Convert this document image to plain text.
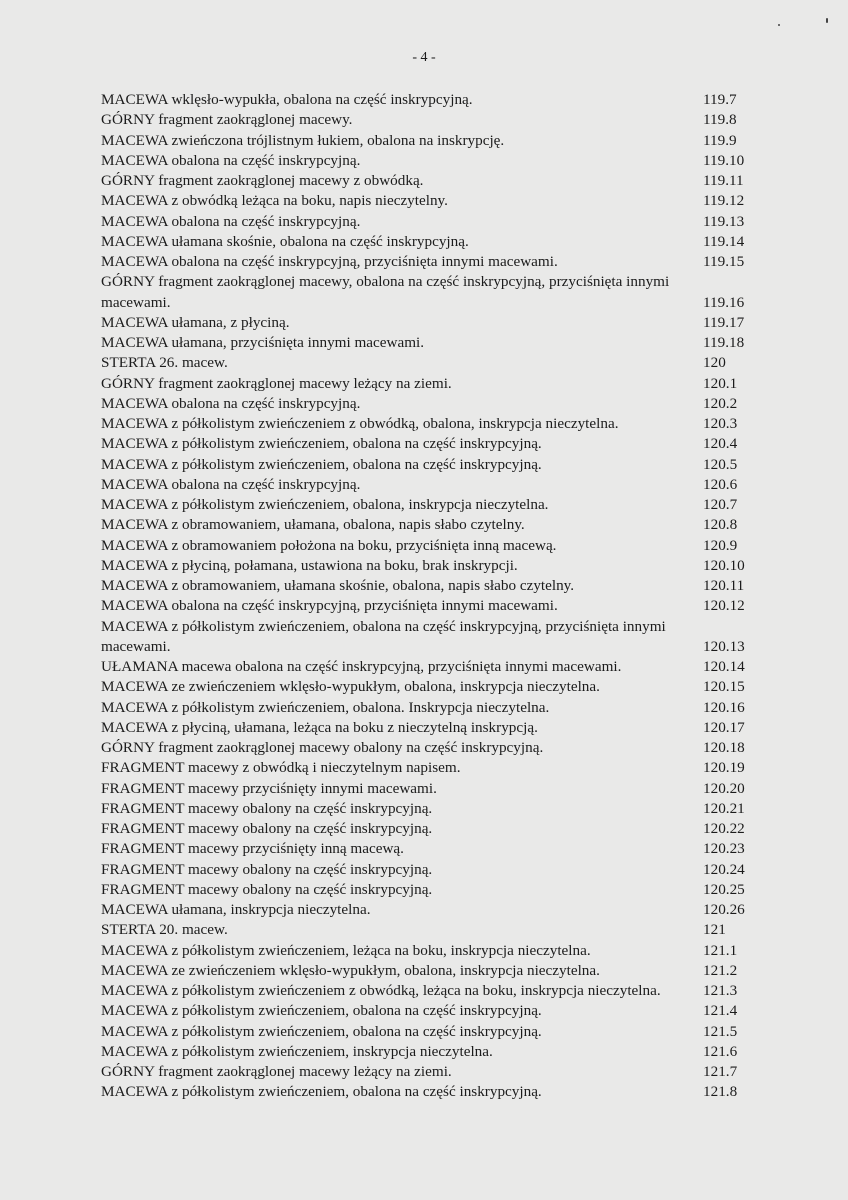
- 4 -
MACEWA wklęsło-wypukła, obalona na część inskrypcyjną.	119.7
GÓRNY fragment zaokrąglonej macewy.	119.8
MACEWA zwieńczona trójlistnym łukiem, obalona na inskrypcję.	119.9
MACEWA obalona na część inskrypcyjną.	119.10
GÓRNY fragment zaokrąglonej macewy z obwódką.	119.11
MACEWA z obwódką leżąca na boku, napis nieczytelny.	119.12
MACEWA obalona na część inskrypcyjną.	119.13
MACEWA ułamana skośnie, obalona na część inskrypcyjną.	119.14
MACEWA obalona na część inskrypcyjną, przyciśnięta innymi macewami.	119.15
GÓRNY fragment zaokrąglonej macewy, obalona na część inskrypcyjną, przyciśnięta innymi macewami.	119.16
MACEWA ułamana, z płyciną.	119.17
MACEWA ułamana, przyciśnięta innymi macewami.	119.18
STERTA 26. macew.	120
GÓRNY fragment zaokrąglonej macewy leżący na ziemi.	120.1
MACEWA obalona na część inskrypcyjną.	120.2
MACEWA z półkolistym zwieńczeniem z obwódką, obalona, inskrypcja nieczytelna.	120.3
MACEWA z półkolistym zwieńczeniem, obalona na część inskrypcyjną.	120.4
MACEWA z półkolistym zwieńczeniem, obalona na część inskrypcyjną.	120.5
MACEWA obalona na część inskrypcyjną.	120.6
MACEWA z półkolistym zwieńczeniem, obalona, inskrypcja nieczytelna.	120.7
MACEWA z obramowaniem, ułamana, obalona, napis słabo czytelny.	120.8
MACEWA z obramowaniem położona na boku, przyciśnięta inną macewą.	120.9
MACEWA z płyciną, połamana, ustawiona na boku, brak inskrypcji.	120.10
MACEWA z obramowaniem, ułamana skośnie, obalona, napis słabo czytelny.	120.11
MACEWA obalona na część inskrypcyjną, przyciśnięta innymi macewami.	120.12
MACEWA z półkolistym zwieńczeniem, obalona na część inskrypcyjną, przyciśnięta innymi macewami.	120.13
UŁAMANA macewa obalona na część inskrypcyjną, przyciśnięta innymi macewami.	120.14
MACEWA ze zwieńczeniem wklęsło-wypukłym, obalona, inskrypcja nieczytelna.	120.15
MACEWA z półkolistym zwieńczeniem, obalona. Inskrypcja nieczytelna.	120.16
MACEWA z płyciną, ułamana, leżąca na boku z nieczytelną inskrypcją.	120.17
GÓRNY fragment zaokrąglonej macewy obalony na część inskrypcyjną.	120.18
FRAGMENT macewy z obwódką i nieczytelnym napisem.	120.19
FRAGMENT macewy przyciśnięty innymi macewami.	120.20
FRAGMENT macewy obalony na część inskrypcyjną.	120.21
FRAGMENT macewy obalony na część inskrypcyjną.	120.22
FRAGMENT macewy przyciśnięty inną macewą.	120.23
FRAGMENT macewy obalony na część inskrypcyjną.	120.24
FRAGMENT macewy obalony na część inskrypcyjną.	120.25
MACEWA ułamana, inskrypcja nieczytelna.	120.26
STERTA 20. macew.	121
MACEWA z półkolistym zwieńczeniem, leżąca na boku, inskrypcja nieczytelna.	121.1
MACEWA ze zwieńczeniem wklęsło-wypukłym, obalona, inskrypcja nieczytelna.	121.2
MACEWA z półkolistym zwieńczeniem z obwódką, leżąca na boku, inskrypcja nieczytelna.	121.3
MACEWA z półkolistym zwieńczeniem, obalona na część inskrypcyjną.	121.4
MACEWA z półkolistym zwieńczeniem, obalona na część inskrypcyjną.	121.5
MACEWA z półkolistym zwieńczeniem, inskrypcja nieczytelna.	121.6
GÓRNY fragment zaokrąglonej macewy leżący na ziemi.	121.7
MACEWA z półkolistym zwieńczeniem, obalona na część inskrypcyjną.	121.8
